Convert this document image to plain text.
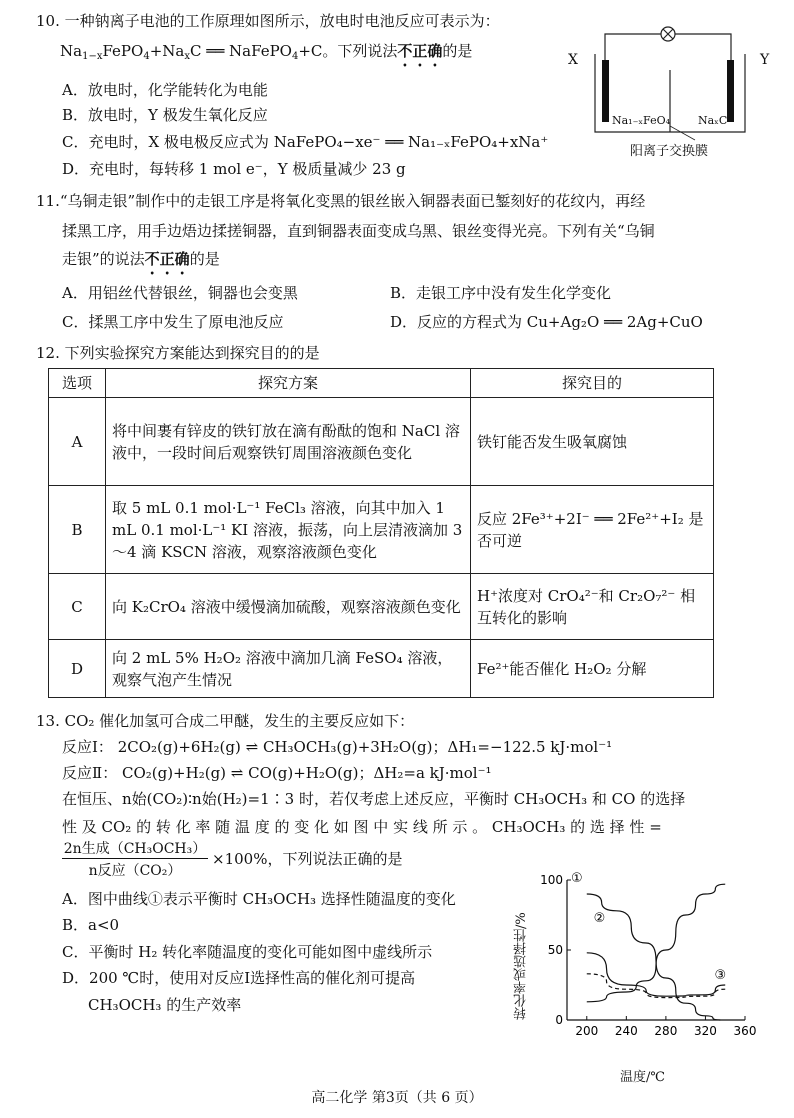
10. 一种钠离子电池的工作原理如图所示，放电时电池反应可表示为：
$Na_{1-x}FePO_4+Na_xC$ ══ NaFePO$_4$+C。下列说法不正确的是
A．放电时，化学能转化为电能
B．放电时，Y 极发生氧化反应
C．充电时，X 极电极反应式为 NaFePO₄−xe⁻ ══ Na₁₋ₓFePO₄+xNa⁺
D．充电时，每转移 1 mol e⁻，Y 极质量减少 23 g
X	Y
Na₁₋ₓFeO₄	NaₓC
阳离子交换膜
11.“乌铜走银”制作中的走银工序是将氧化变黑的银丝嵌入铜器表面已錾刻好的花纹内，再经
揉黑工序，用手边焐边揉搓铜器，直到铜器表面变成乌黑、银丝变得光亮。下列有关“乌铜
走银”的说法不正确的是
A．用铝丝代替银丝，铜器也会变黑	B．走银工序中没有发生化学变化
C．揉黑工序中发生了原电池反应	D．反应的方程式为 Cu+Ag₂O ══ 2Ag+CuO
12. 下列实验探究方案能达到探究目的的是
选项	探究方案	探究目的
A	将中间裹有锌皮的铁钉放在滴有酚酞的饱和 NaCl 溶液中，一段时间后观察铁钉周围溶液颜色变化	铁钉能否发生吸氧腐蚀
B	取 5 mL 0.1 mol·L⁻¹ FeCl₃ 溶液，向其中加入 1 mL 0.1 mol·L⁻¹ KI 溶液，振荡，向上层清液滴加 3～4 滴 KSCN 溶液，观察溶液颜色变化	反应 2Fe³⁺+2I⁻ ══ 2Fe²⁺+I₂ 是否可逆
C	向 K₂CrO₄ 溶液中缓慢滴加硫酸，观察溶液颜色变化	H⁺浓度对 CrO₄²⁻和 Cr₂O₇²⁻ 相互转化的影响
D	向 2 mL 5% H₂O₂ 溶液中滴加几滴 FeSO₄ 溶液，观察气泡产生情况	Fe²⁺能否催化 H₂O₂ 分解
13. CO₂ 催化加氢可合成二甲醚，发生的主要反应如下：
反应Ⅰ： 2CO₂(g)+6H₂(g) ⇌ CH₃OCH₃(g)+3H₂O(g)；ΔH₁=−122.5 kJ·mol⁻¹
反应Ⅱ： CO₂(g)+H₂(g) ⇌ CO(g)+H₂O(g)；ΔH₂=a kJ·mol⁻¹
在恒压、n始(CO₂)∶n始(H₂)=1∶3 时，若仅考虑上述反应，平衡时 CH₃OCH₃ 和 CO 的选择
性 及 CO₂ 的 转 化 率 随 温 度 的 变 化 如 图 中 实 线 所 示 。 CH₃OCH₃ 的 选 择 性 =
2n生成（CH₃OCH₃）
n反应（CO₂）
×100%，下列说法正确的是
A．图中曲线①表示平衡时 CH₃OCH₃ 选择性随温度的变化
B．a<0
C．平衡时 H₂ 转化率随温度的变化可能如图中虚线所示
D．200 ℃时，使用对反应Ⅰ选择性高的催化剂可提高
CH₃OCH₃ 的生产效率
①
②
③
200 240 280 320 360
0
50
100
转化率或选择性/%
温度/℃
高二化学 第3页（共 6 页）
